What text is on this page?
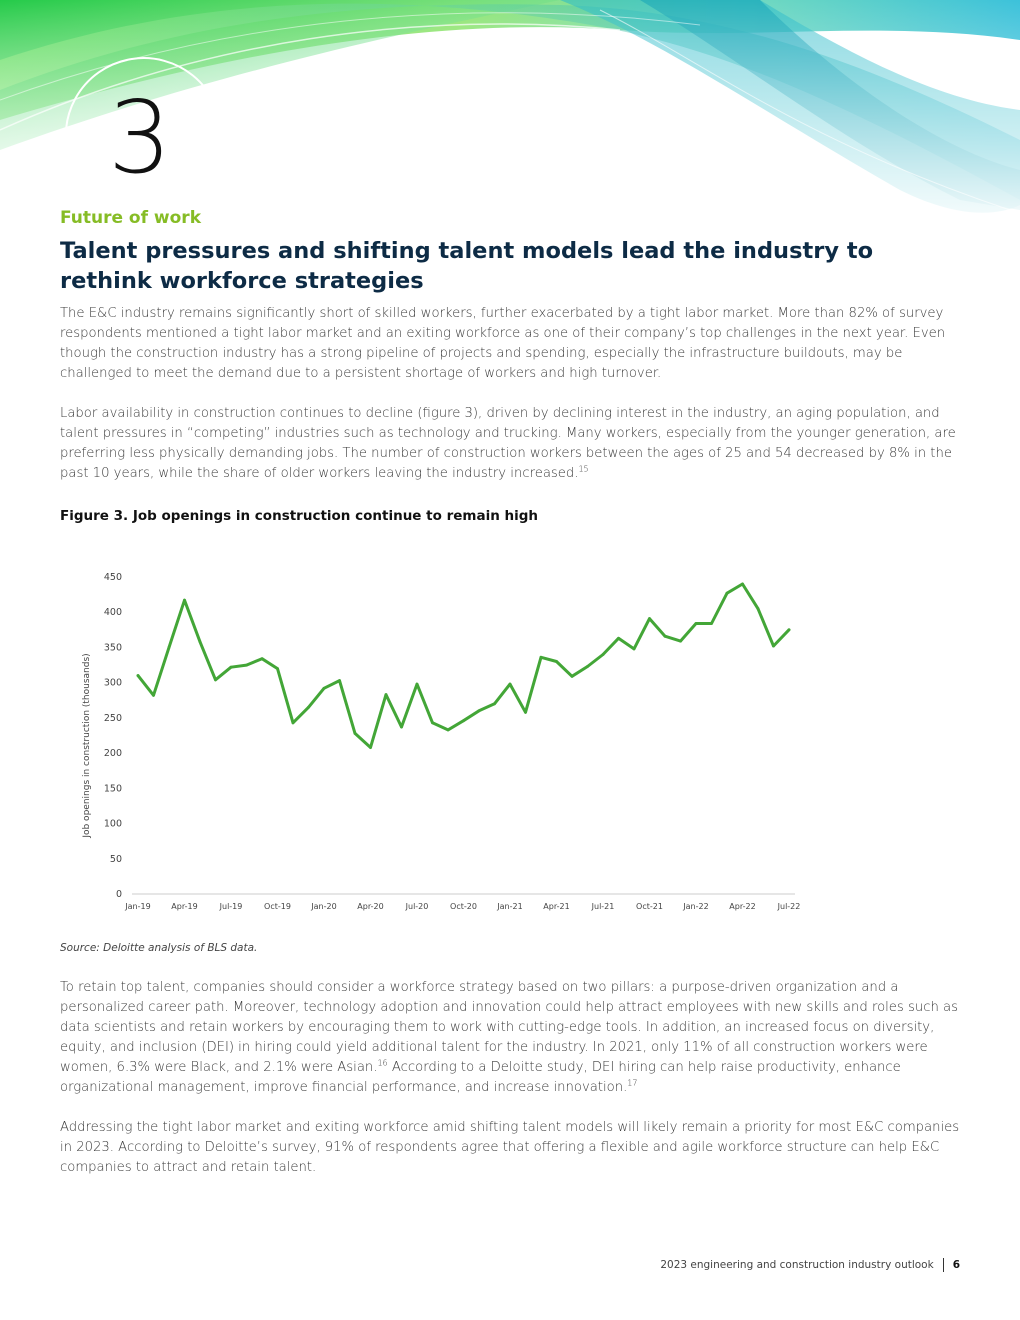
3
Future of work
Talent pressures and shifting talent models lead the industry to rethink workforce strategies

The E&C industry remains significantly short of skilled workers, further exacerbated by a tight labor market. More than 82% of survey respondents mentioned a tight labor market and an exiting workforce as one of their company’s top challenges in the next year. Even though the construction industry has a strong pipeline of projects and spending, especially the infrastructure buildouts, may be challenged to meet the demand due to a persistent shortage of workers and high turnover.

Labor availability in construction continues to decline (figure 3), driven by declining interest in the industry, an aging population, and talent pressures in “competing” industries such as technology and trucking. Many workers, especially from the younger generation, are preferring less physically demanding jobs. The number of construction workers between the ages of 25 and 54 decreased by 8% in the past 10 years, while the share of older workers leaving the industry increased.$^{15}$

Figure 3. Job openings in construction continue to remain high
0
50
100
150
200
250
300
350
400
450
Jan-19	Apr-19	Jul-19	Oct-19	Jan-20	Apr-20	Jul-20	Oct-20	Jan-21	Apr-21	Jul-21	Oct-21	Jan-22	Apr-22	Jul-22
Job openings in construction (thousands)
Source: Deloitte analysis of BLS data.

To retain top talent, companies should consider a workforce strategy based on two pillars: a purpose-driven organization and a personalized career path. Moreover, technology adoption and innovation could help attract employees with new skills and roles such as data scientists and retain workers by encouraging them to work with cutting-edge tools. In addition, an increased focus on diversity, equity, and inclusion (DEI) in hiring could yield additional talent for the industry. In 2021, only 11% of all construction workers were women, 6.3% were Black, and 2.1% were Asian.$^{16}$ According to a Deloitte study, DEI hiring can help raise productivity, enhance organizational management, improve financial performance, and increase innovation.$^{17}$

Addressing the tight labor market and exiting workforce amid shifting talent models will likely remain a priority for most E&C companies in 2023. According to Deloitte’s survey, 91% of respondents agree that offering a flexible and agile workforce structure can help E&C companies to attract and retain talent.

2023 engineering and construction industry outlook 6
